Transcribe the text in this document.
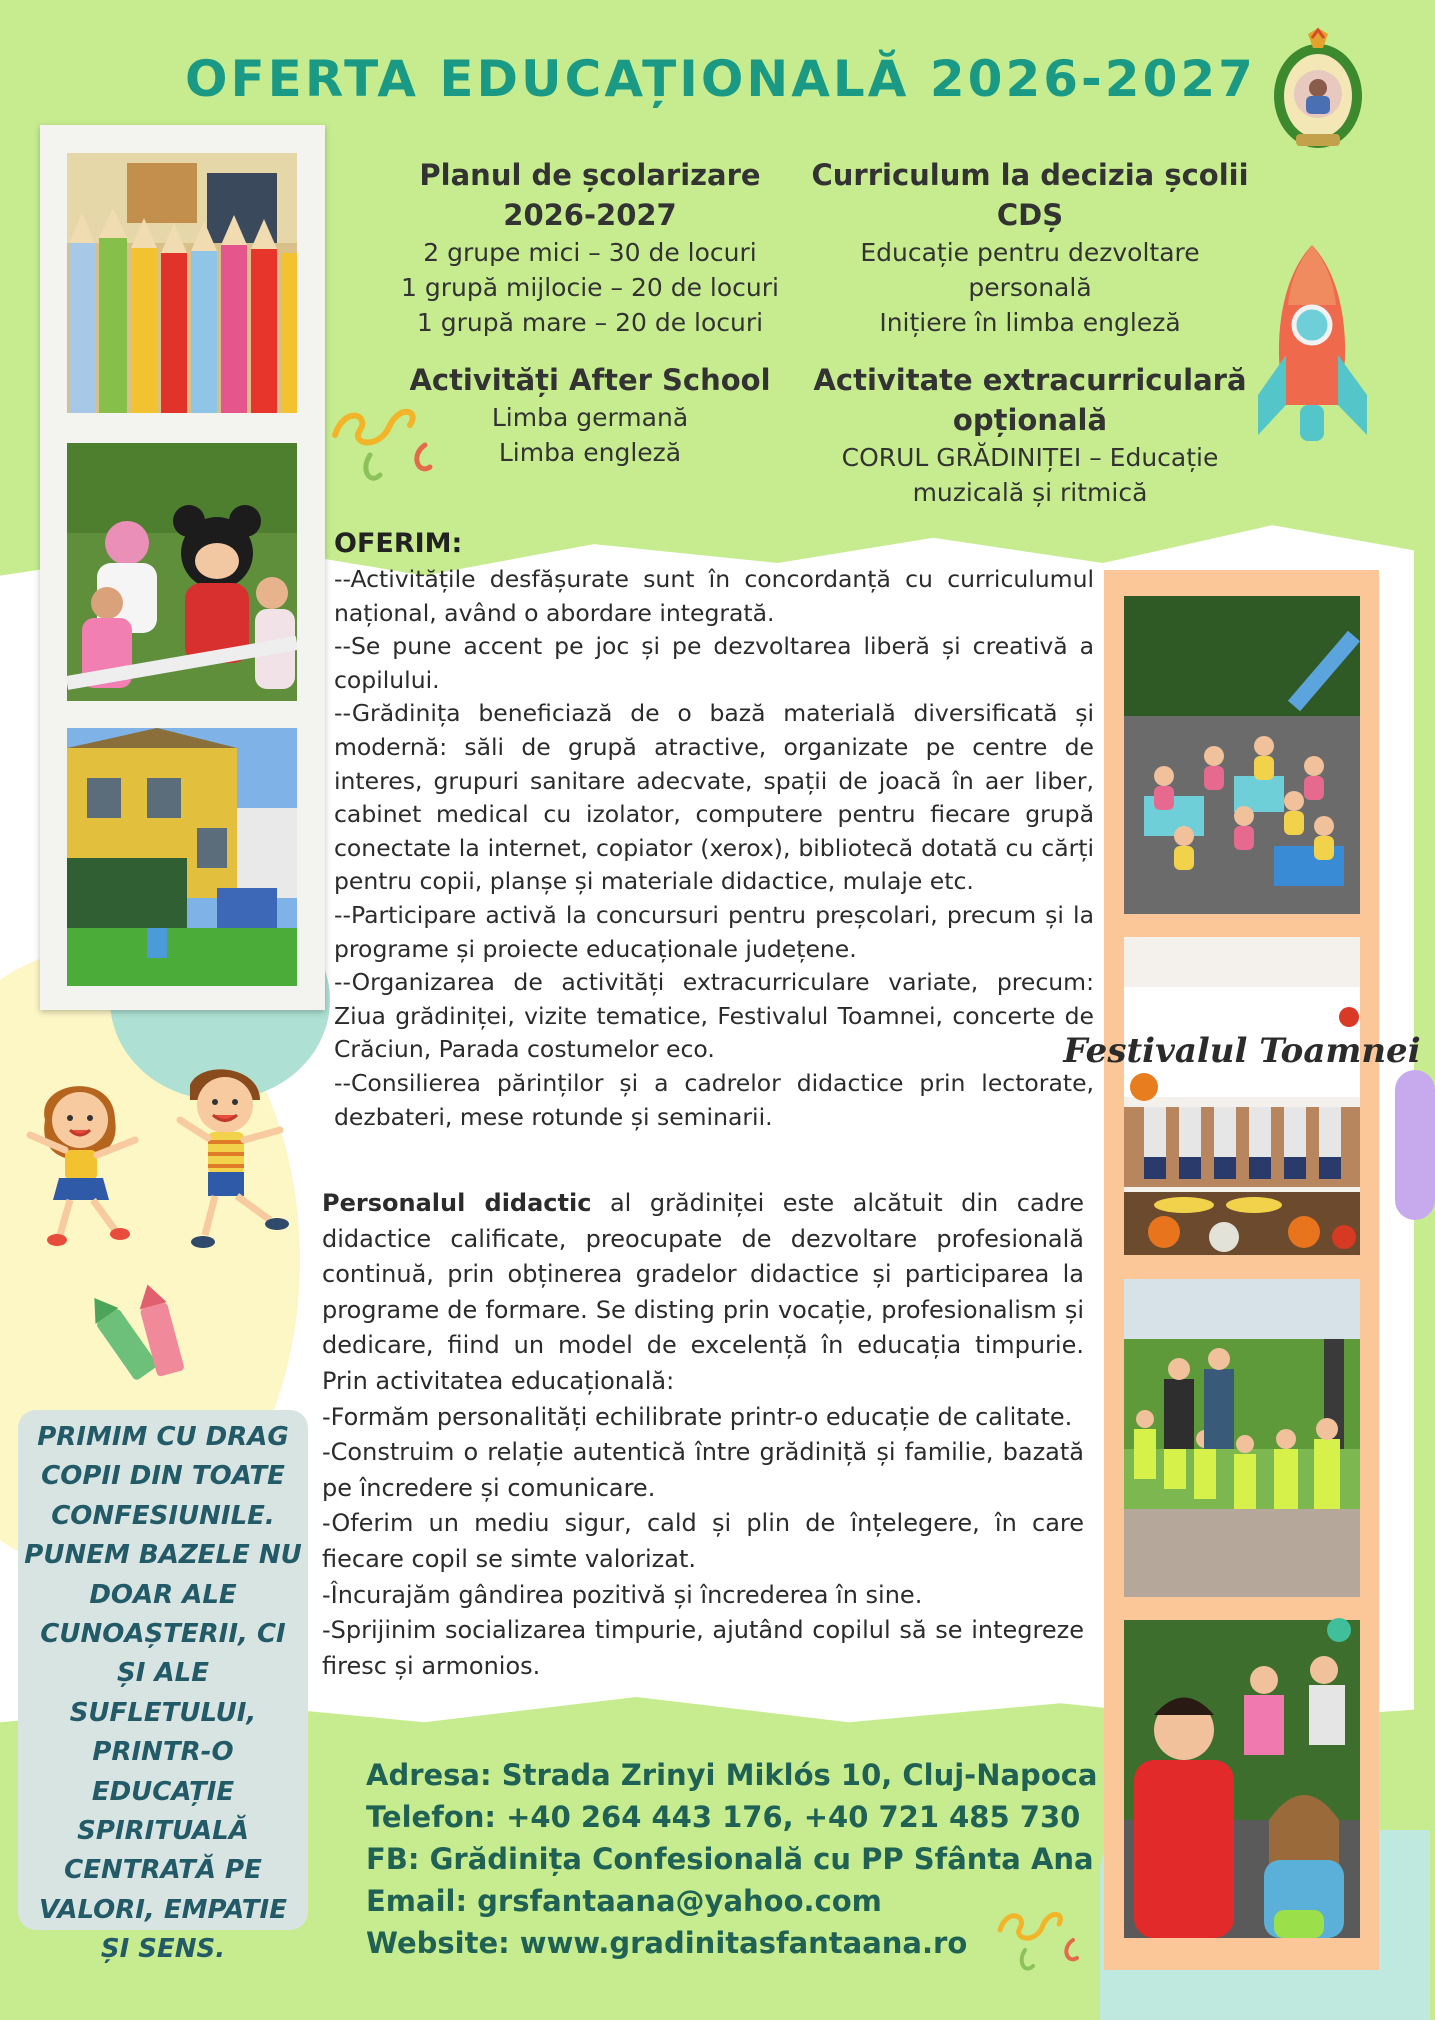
OFERTA EDUCAȚIONALĂ 2026-2027
Festivalul Toamnei
Planul de școlarizare
2026-2027
2 grupe mici – 30 de locuri
1 grupă mijlocie – 20 de locuri
1 grupă mare – 20 de locuri
Curriculum la decizia școlii
CDȘ
Educație pentru dezvoltare
personală
Inițiere în limba engleză
Activități After School
Limba germană
Limba engleză
Activitate extracurriculară
opțională
CORUL GRĂDINIȚEI – Educație
muzicală și ritmică
OFERIM:

--Activitățile desfășurate sunt în concordanță cu curriculumul național, având o abordare integrată.

--Se pune accent pe joc și pe dezvoltarea liberă și creativă a copilului.

--Grădinița beneficiază de o bază materială diversificată și modernă: săli de grupă atractive, organizate pe centre de interes, grupuri sanitare adecvate, spații de joacă în aer liber, cabinet medical cu izolator, computere pentru fiecare grupă conectate la internet, copiator (xerox), bibliotecă dotată cu cărți pentru copii, planșe și materiale didactice, mulaje etc.

--Participare activă la concursuri pentru preșcolari, precum și la programe și proiecte educaționale județene.

--Organizarea de activități extracurriculare variate, precum: Ziua grădiniței, vizite tematice, Festivalul Toamnei, concerte de Crăciun, Parada costumelor eco.

--Consilierea părinților și a cadrelor didactice prin lectorate, dezbateri, mese rotunde și seminarii.

Personalul didactic al grădiniței este alcătuit din cadre didactice calificate, preocupate de dezvoltare profesională continuă, prin obținerea gradelor didactice și participarea la programe de formare. Se disting prin vocație, profesionalism și dedicare, fiind un model de excelență în educația timpurie. Prin activitatea educațională:

-Formăm personalități echilibrate printr-o educație de calitate.

-Construim o relație autentică între grădiniță și familie, bazată pe încredere și comunicare.

-Oferim un mediu sigur, cald și plin de înțelegere, în care fiecare copil se simte valorizat.

-Încurajăm gândirea pozitivă și încrederea în sine.

-Sprijinim socializarea timpurie, ajutând copilul să se integreze firesc și armonios.

PRIMIM CU DRAG COPII DIN TOATE CONFESIUNILE. PUNEM BAZELE NU DOAR ALE CUNOAȘTERII, CI ȘI ALE SUFLETULUI, PRINTR-O EDUCAȚIE SPIRITUALĂ CENTRATĂ PE VALORI, EMPATIE ȘI SENS.
Adresa: Strada Zrinyi Miklós 10, Cluj-Napoca
Telefon: +40 264 443 176, +40 721 485 730
FB: Grădinița Confesională cu PP Sfânta Ana
Email: grsfantaana@yahoo.com
Website: www.gradinitasfantaana.ro
